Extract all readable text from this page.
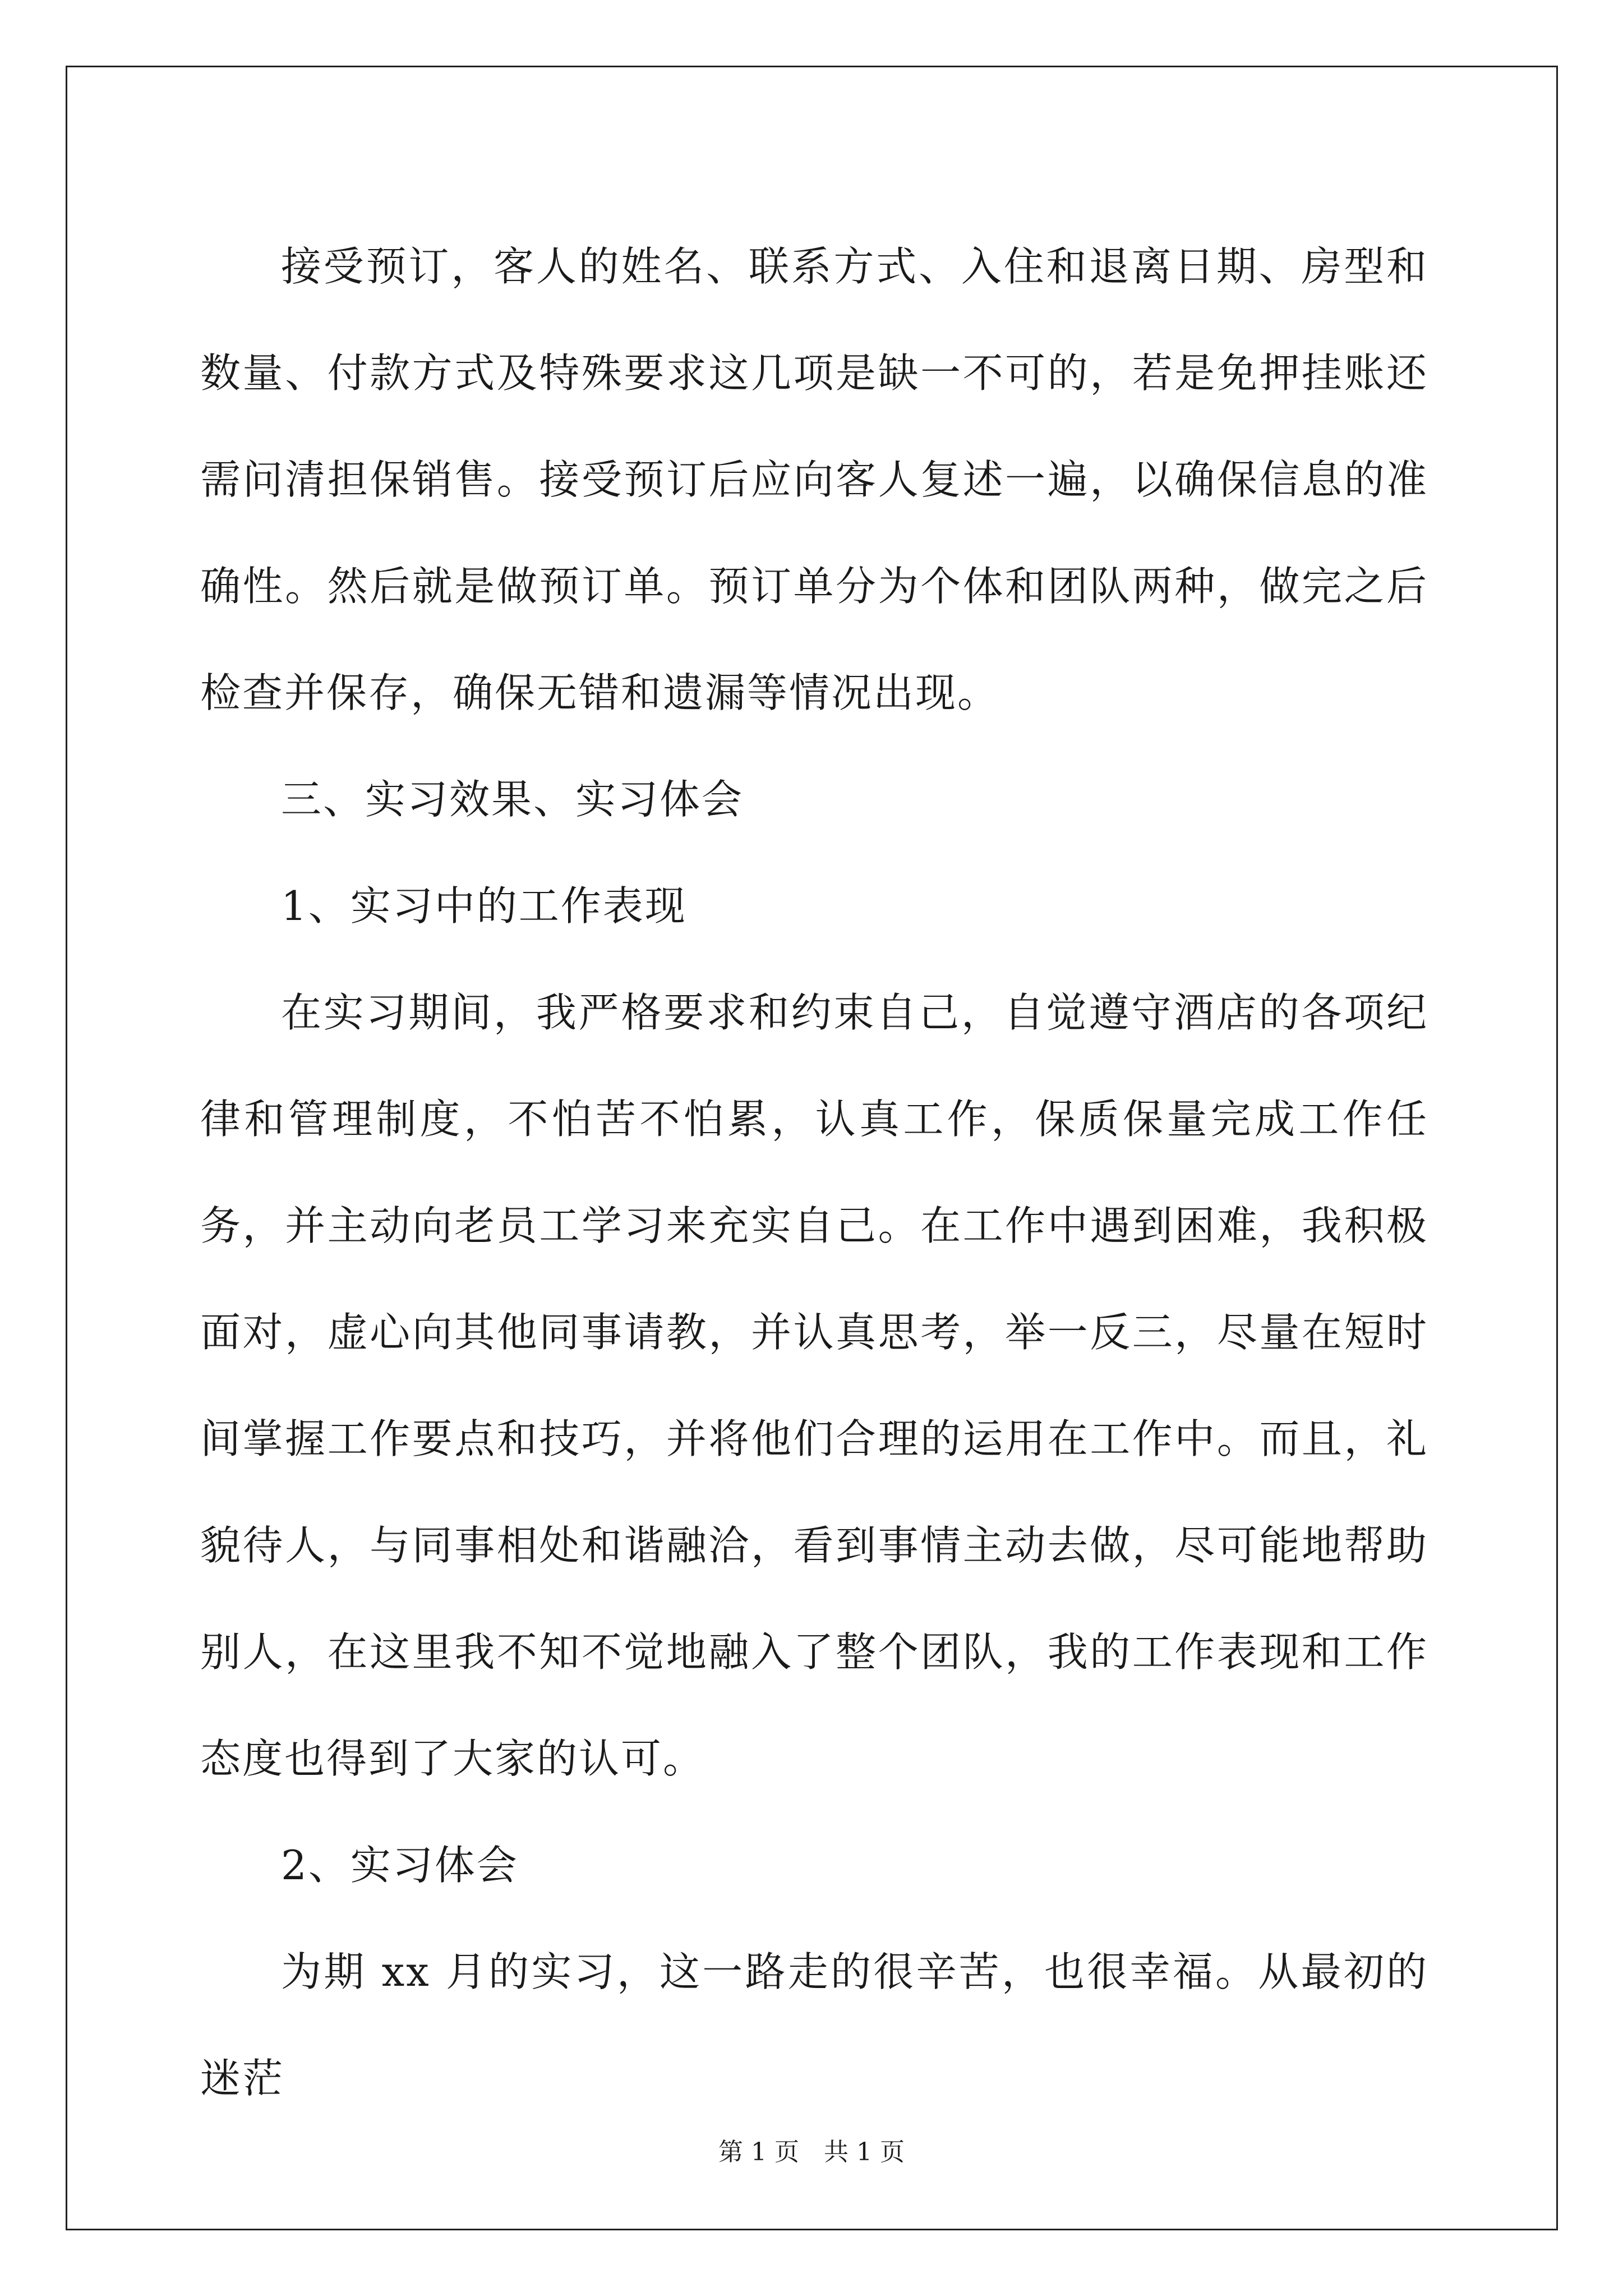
接受预订，客人的姓名、联系方式、入住和退离日期、房型和数量、付款方式及特殊要求这几项是缺一不可的，若是免押挂账还需问清担保销售。接受预订后应向客人复述一遍，以确保信息的准确性。然后就是做预订单。预订单分为个体和团队两种，做完之后检查并保存，确保无错和遗漏等情况出现。

三、实习效果、实习体会

1、实习中的工作表现

在实习期间，我严格要求和约束自己，自觉遵守酒店的各项纪律和管理制度，不怕苦不怕累，认真工作，保质保量完成工作任务，并主动向老员工学习来充实自己。在工作中遇到困难，我积极面对，虚心向其他同事请教，并认真思考，举一反三，尽量在短时间掌握工作要点和技巧，并将他们合理的运用在工作中。而且，礼貌待人，与同事相处和谐融洽，看到事情主动去做，尽可能地帮助别人，在这里我不知不觉地融入了整个团队，我的工作表现和工作态度也得到了大家的认可。

2、实习体会

为期 xx 月的实习，这一路走的很辛苦，也很幸福。从最初的迷茫

第 1 页　共 1 页
